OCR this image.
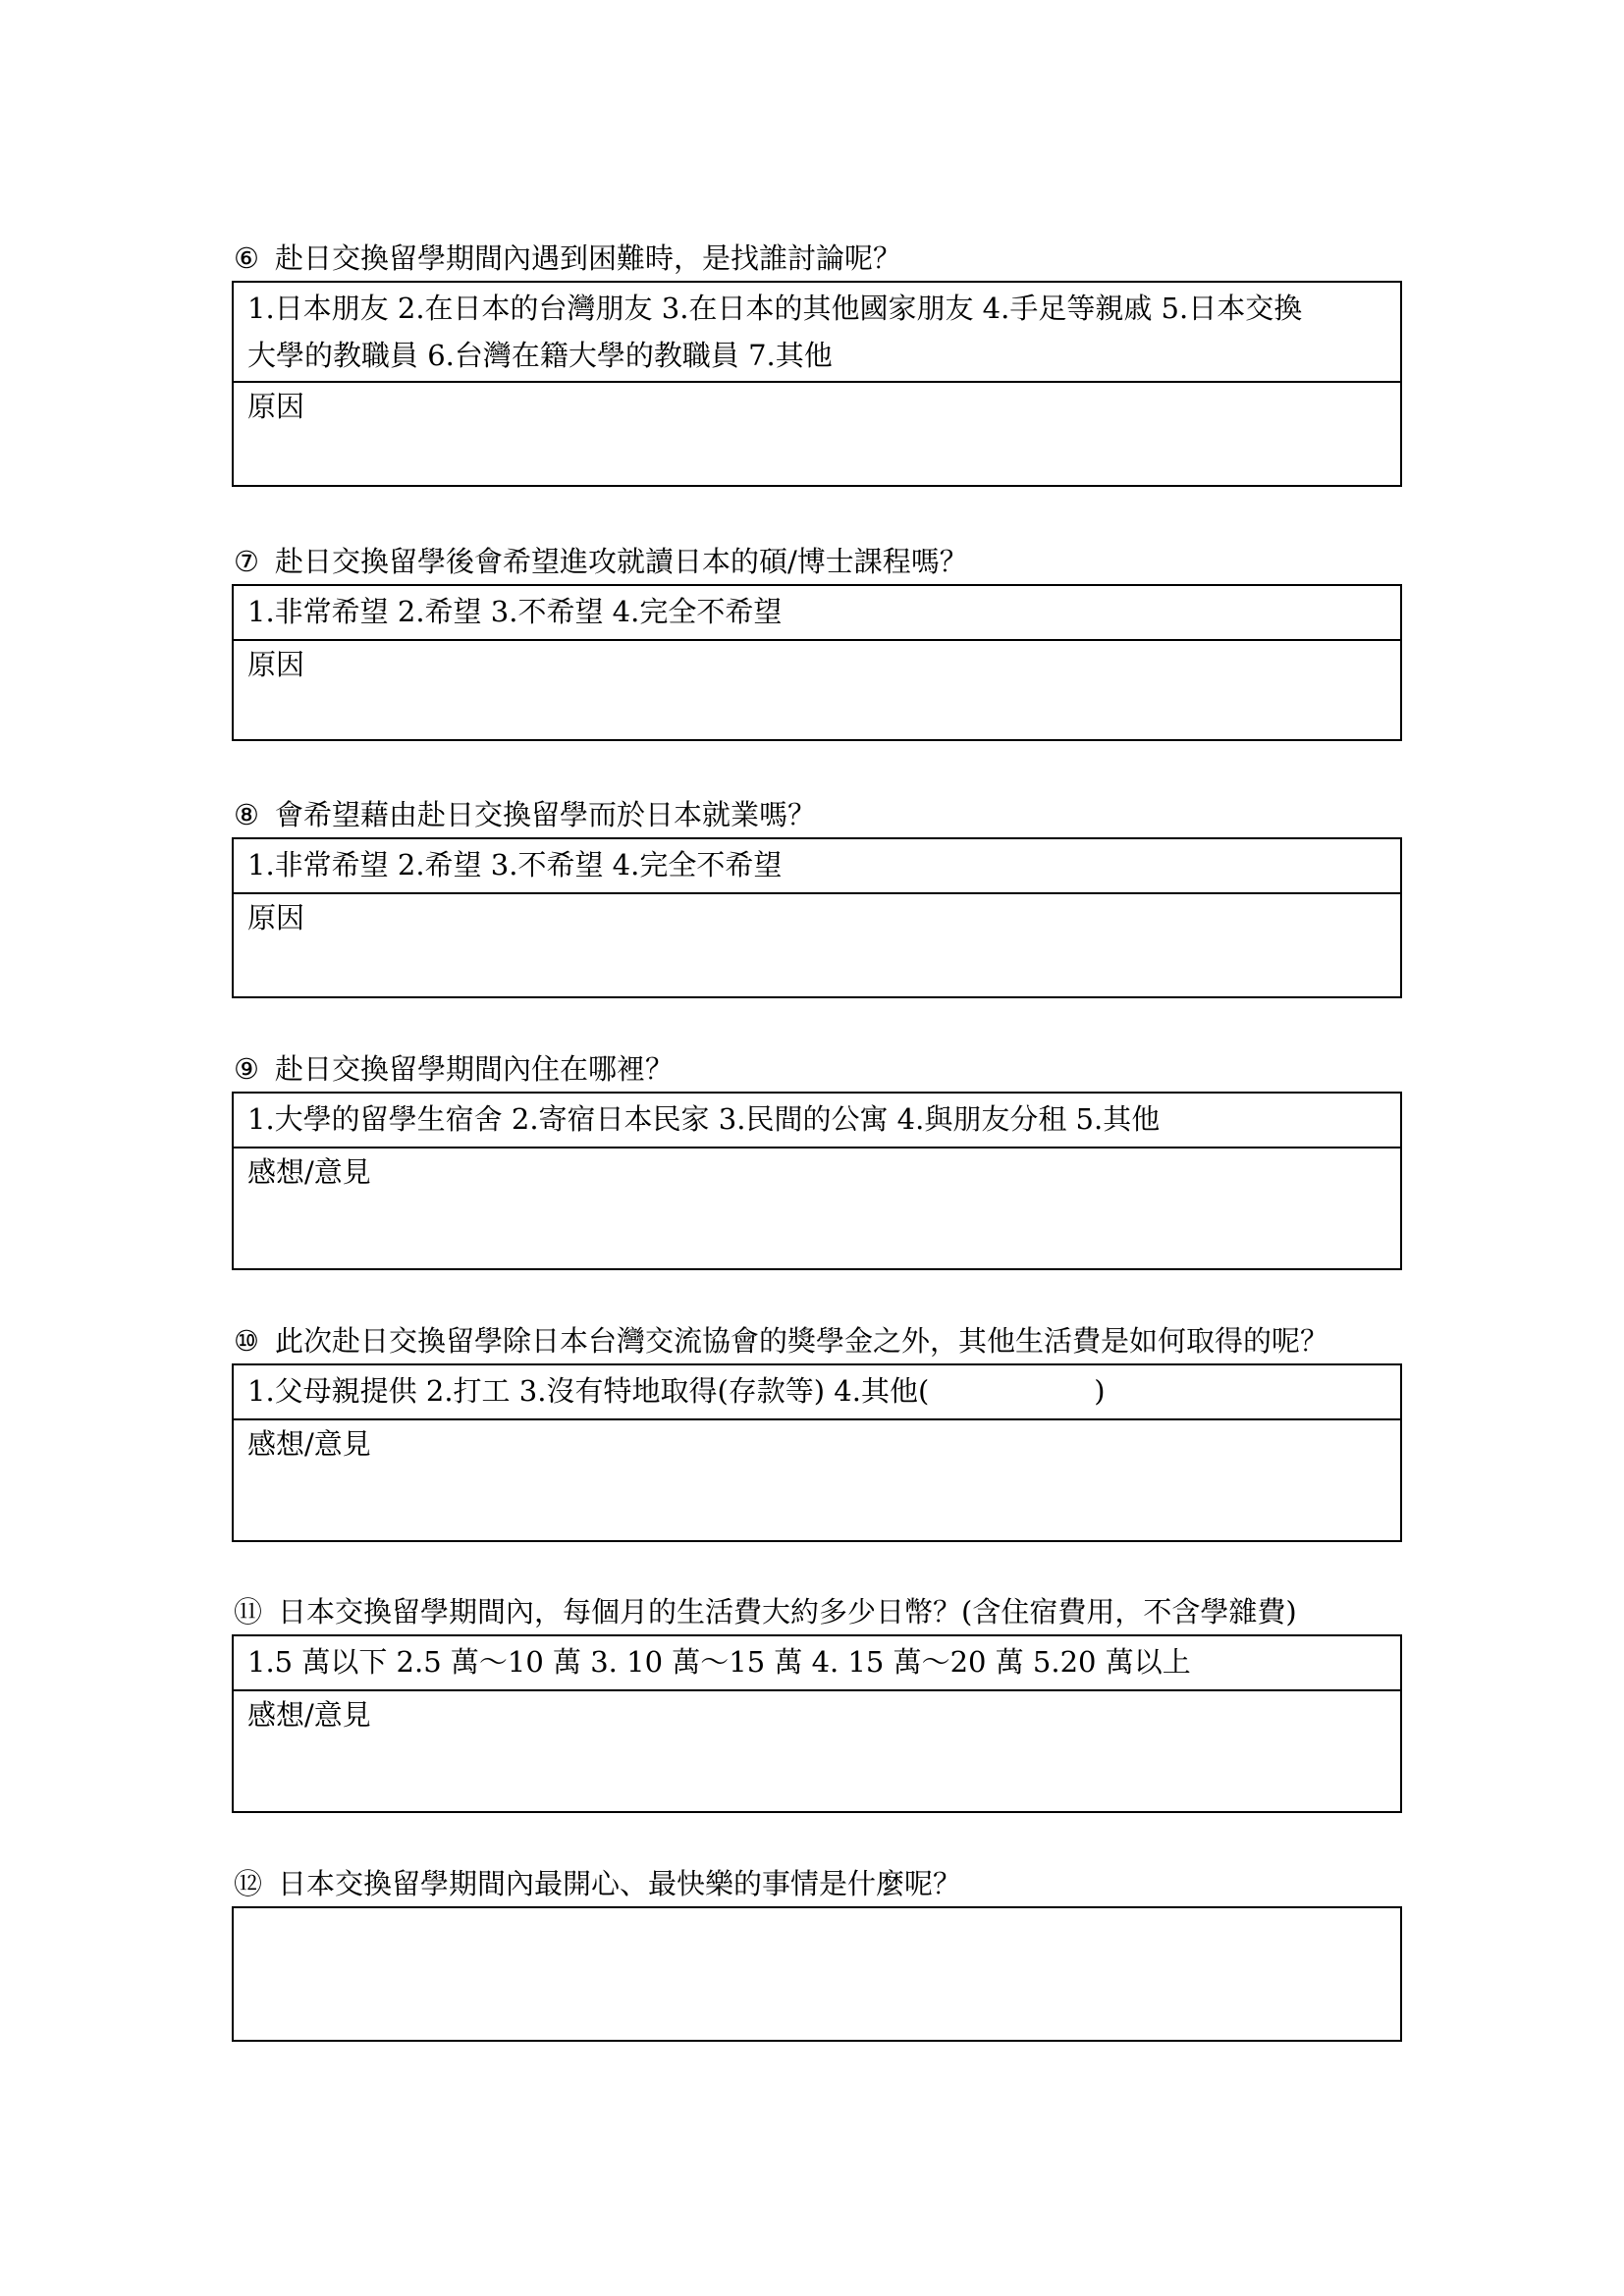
⑥ 赴日交換留學期間內遇到困難時，是找誰討論呢？
1.日本朋友 2.在日本的台灣朋友 3.在日本的其他國家朋友 4.手足等親戚 5.日本交換
大學的教職員 6.台灣在籍大學的教職員 7.其他
原因
⑦ 赴日交換留學後會希望進攻就讀日本的碩/博士課程嗎？
1.非常希望 2.希望 3.不希望 4.完全不希望
原因
⑧ 會希望藉由赴日交換留學而於日本就業嗎？
1.非常希望 2.希望 3.不希望 4.完全不希望
原因
⑨ 赴日交換留學期間內住在哪裡？
1.大學的留學生宿舍 2.寄宿日本民家 3.民間的公寓 4.與朋友分租 5.其他
感想/意見
⑩ 此次赴日交換留學除日本台灣交流協會的獎學金之外，其他生活費是如何取得的呢？
1.父母親提供 2.打工 3.沒有特地取得(存款等) 4.其他(	)
感想/意見
⑪ 日本交換留學期間內，每個月的生活費大約多少日幣？(含住宿費用，不含學雜費)
1.5 萬以下 2.5 萬～10 萬 3. 10 萬～15 萬 4. 15 萬～20 萬 5.20 萬以上
感想/意見
⑫ 日本交換留學期間內最開心、最快樂的事情是什麼呢？
